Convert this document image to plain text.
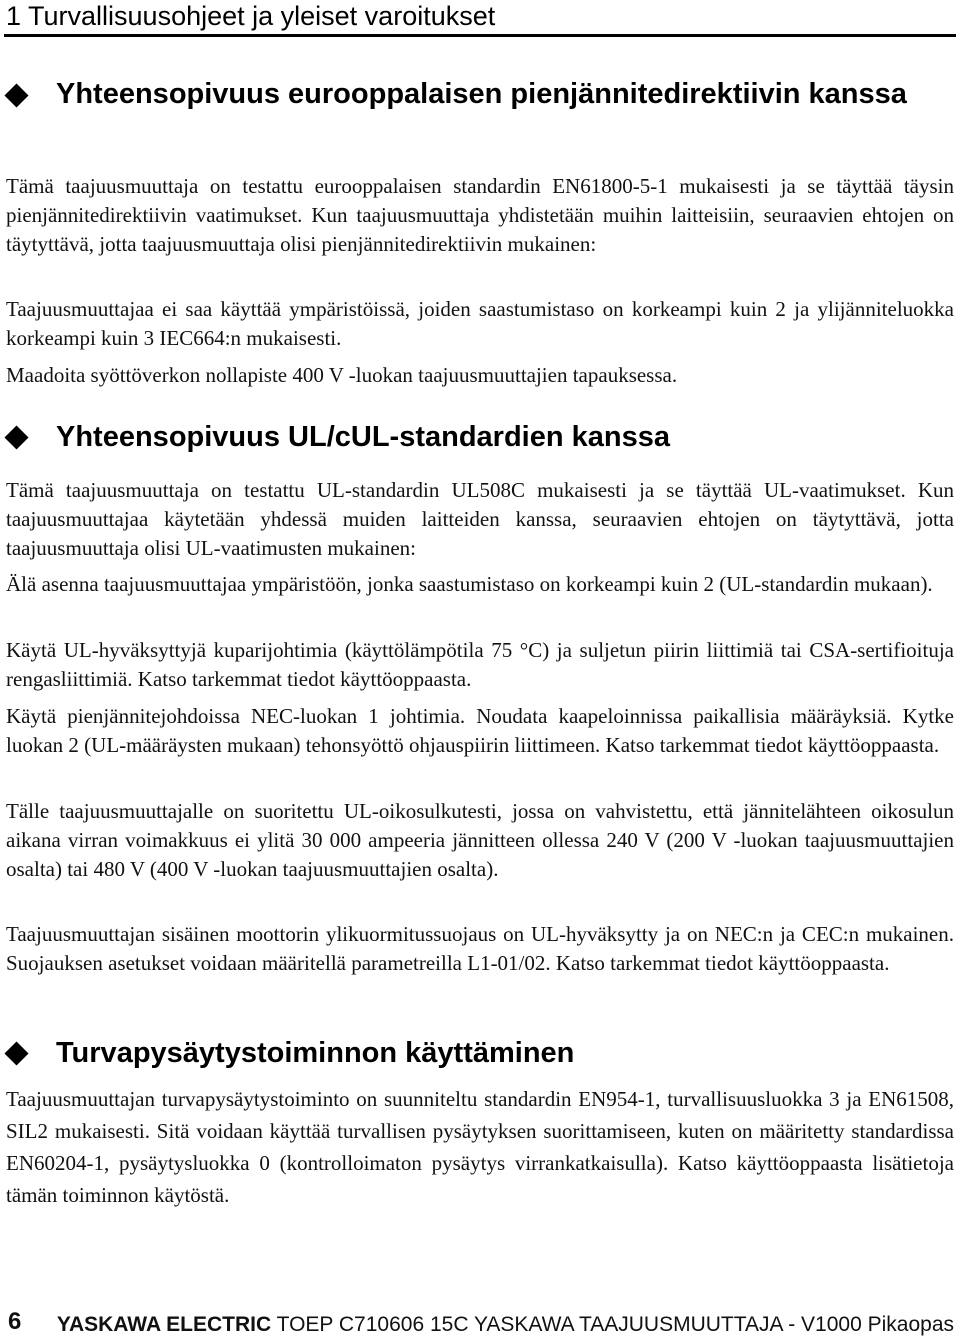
1 Turvallisuusohjeet ja yleiset varoitukset
Yhteensopivuus eurooppalaisen pienjännitedirektiivin kanssa
Tämä taajuusmuuttaja on testattu eurooppalaisen standardin EN61800-5-1 mukaisesti ja se täyttää täysin pienjännitedirektiivin vaatimukset. Kun taajuusmuuttaja yhdistetään muihin laitteisiin, seuraavien ehtojen on täytyttävä, jotta taajuusmuuttaja olisi pienjännitedirektiivin mukainen:
Taajuusmuuttajaa ei saa käyttää ympäristöissä, joiden saastumistaso on korkeampi kuin 2 ja ylijänniteluokka korkeampi kuin 3 IEC664:n mukaisesti.
Maadoita syöttöverkon nollapiste 400 V -luokan taajuusmuuttajien tapauksessa.
Yhteensopivuus UL/cUL-standardien kanssa
Tämä taajuusmuuttaja on testattu UL-standardin UL508C mukaisesti ja se täyttää UL-vaatimukset. Kun taajuusmuuttajaa käytetään yhdessä muiden laitteiden kanssa, seuraavien ehtojen on täytyttävä, jotta taajuusmuuttaja olisi UL-vaatimusten mukainen:
Älä asenna taajuusmuuttajaa ympäristöön, jonka saastumistaso on korkeampi kuin 2 (UL-standardin mukaan).
Käytä UL-hyväksyttyjä kuparijohtimia (käyttölämpötila 75 °C) ja suljetun piirin liittimiä tai CSA-sertifioituja rengasliittimiä. Katso tarkemmat tiedot käyttöoppaasta.
Käytä pienjännitejohdoissa NEC-luokan 1 johtimia. Noudata kaapeloinnissa paikallisia määräyksiä. Kytke luokan 2 (UL-määräysten mukaan) tehonsyöttö ohjauspiirin liittimeen. Katso tarkemmat tiedot käyttöoppaasta.
Tälle taajuusmuuttajalle on suoritettu UL-oikosulkutesti, jossa on vahvistettu, että jännitelähteen oikosulun aikana virran voimakkuus ei ylitä 30 000 ampeeria jännitteen ollessa 240 V (200 V -luokan taajuusmuuttajien osalta) tai 480 V (400 V -luokan taajuusmuuttajien osalta).
Taajuusmuuttajan sisäinen moottorin ylikuormitussuojaus on UL-hyväksytty ja on NEC:n ja CEC:n mukainen. Suojauksen asetukset voidaan määritellä parametreilla L1-01/02. Katso tarkemmat tiedot käyttöoppaasta.
Turvapysäytystoiminnon käyttäminen
Taajuusmuuttajan turvapysäytystoiminto on suunniteltu standardin EN954-1, turvallisuusluokka 3 ja EN61508, SIL2 mukaisesti. Sitä voidaan käyttää turvallisen pysäytyksen suorittamiseen, kuten on määritetty standardissa EN60204-1, pysäytysluokka 0 (kontrolloimaton pysäytys virrankatkaisulla). Katso käyttöoppaasta lisätietoja tämän toiminnon käytöstä.
6 YASKAWA ELECTRIC TOEP C710606 15C YASKAWA TAAJUUSMUUTTAJA - V1000 Pikaopas
